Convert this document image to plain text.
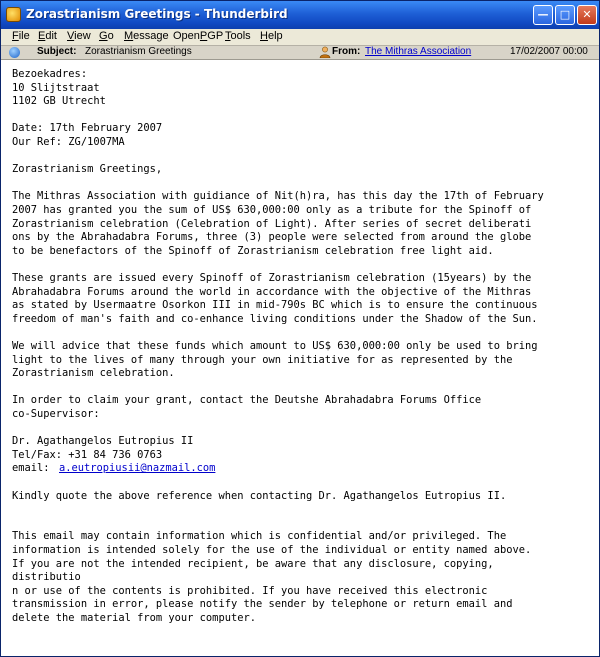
Zorastrianism Greetings - Thunderbird	—	□	✕
File Edit View Go Message OpenPGP Tools Help
Subject: Zorastrianism Greetings	From: The Mithras Association	17/02/2007 00:00
a.eutropiusii@nazmail.com
Bezoekadres:
10 Slijtstraat
1102 GB Utrecht
Date: 17th February 2007
Our Ref: ZG/1007MA
Zorastrianism Greetings,
The Mithras Association with guidiance of Nit(h)ra, has this day the 17th of February
2007 has granted you the sum of US$ 630,000:00 only as a tribute for the Spinoff of
Zorastrianism celebration (Celebration of Light). After series of secret deliberati
ons by the Abrahadabra Forums, three (3) people were selected from around the globe
to be benefactors of the Spinoff of Zorastrianism celebration free light aid.
These grants are issued every Spinoff of Zorastrianism celebration (15years) by the
Abrahadabra Forums around the world in accordance with the objective of the Mithras
as stated by Usermaatre Osorkon III in mid-790s BC which is to ensure the continuous
freedom of man's faith and co-enhance living conditions under the Shadow of the Sun.
We will advice that these funds which amount to US$ 630,000:00 only be used to bring
light to the lives of many through your own initiative for as represented by the
Zorastrianism celebration.
In order to claim your grant, contact the Deutshe Abrahadabra Forums Office
co-Supervisor:
Dr. Agathangelos Eutropius II
Tel/Fax: +31 84 736 0763
email:
Kindly quote the above reference when contacting Dr. Agathangelos Eutropius II.
This email may contain information which is confidential and/or privileged. The
information is intended solely for the use of the individual or entity named above.
If you are not the intended recipient, be aware that any disclosure, copying,
distributio
n or use of the contents is prohibited. If you have received this electronic
transmission in error, please notify the sender by telephone or return email and
delete the material from your computer.
